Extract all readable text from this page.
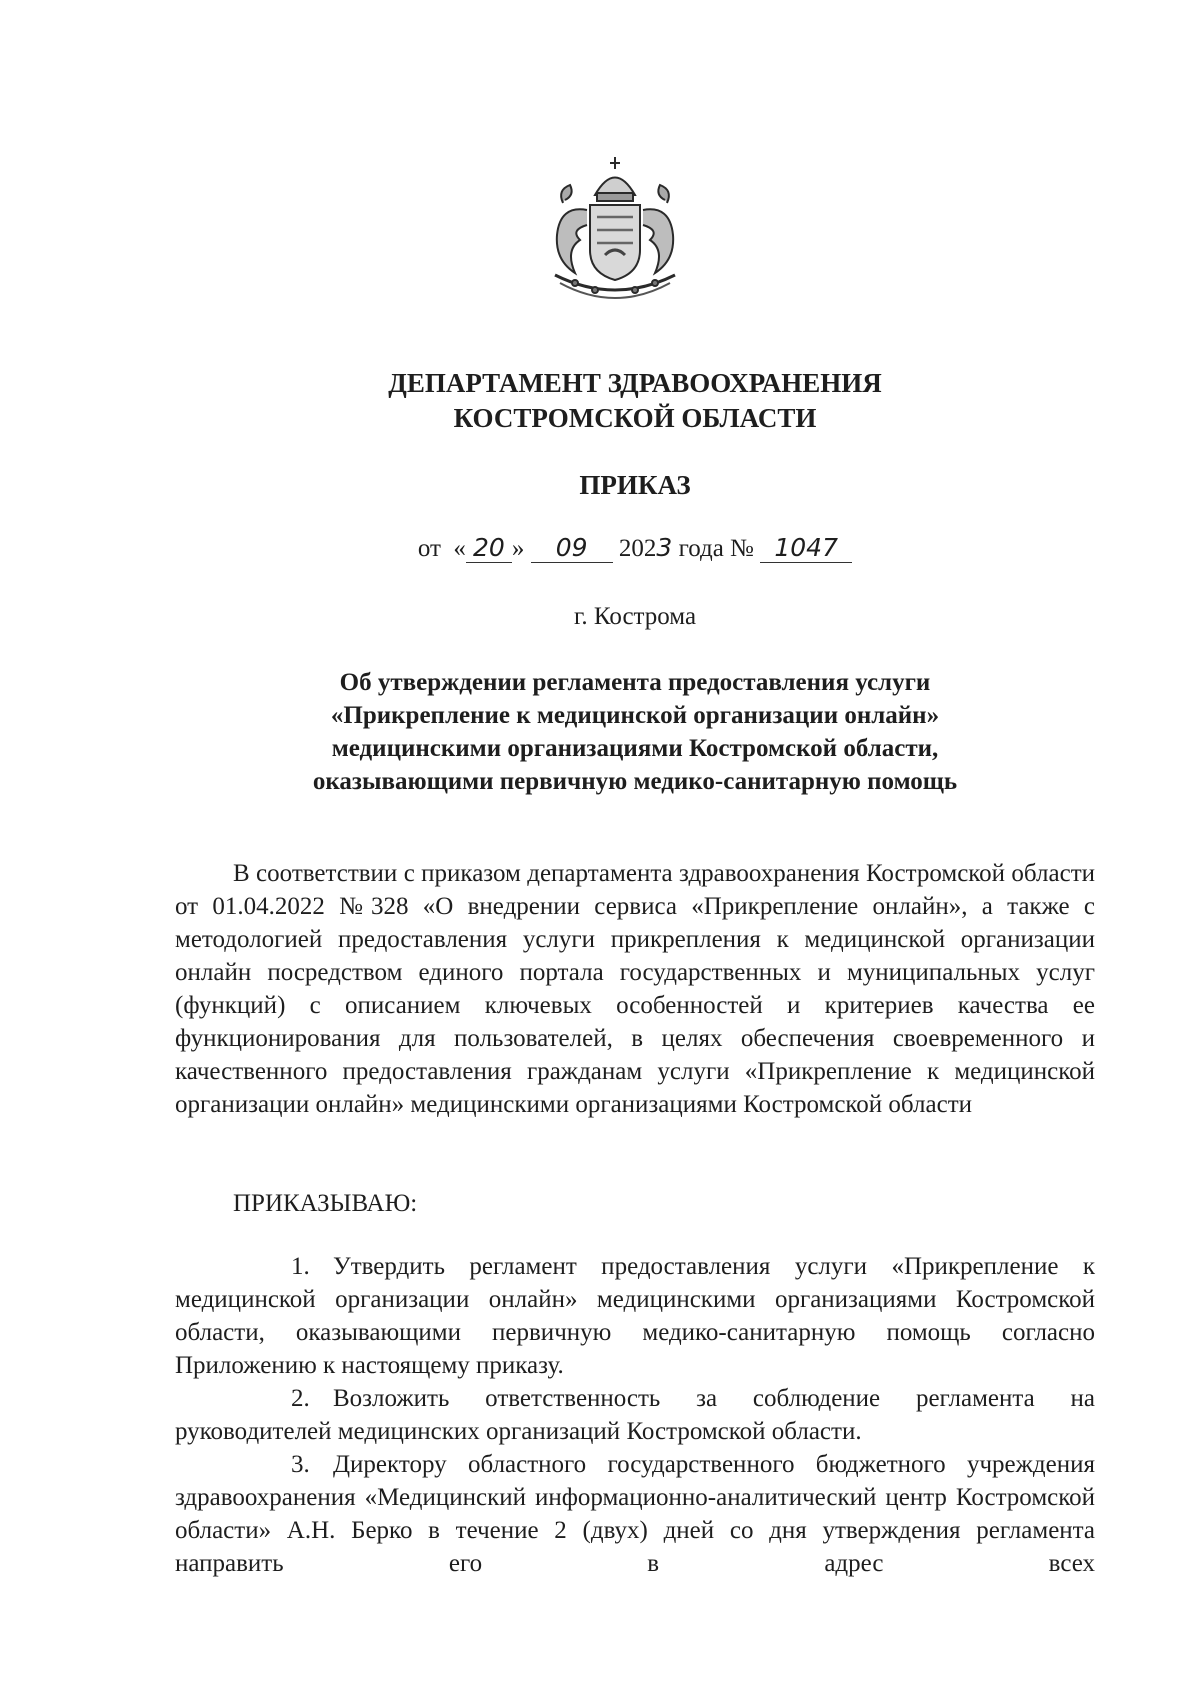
ДЕПАРТАМЕНТ ЗДРАВООХРАНЕНИЯ
КОСТРОМСКОЙ ОБЛАСТИ
ПРИКАЗ
от « 20 » 09 2023 года № 1047
г. Кострома
Об утверждении регламента предоставления услуги
«Прикрепление к медицинской организации онлайн»
медицинскими организациями Костромской области,
оказывающими первичную медико-санитарную помощь
В соответствии с приказом департамента здравоохранения Костромской области от 01.04.2022 №328 «О внедрении сервиса «Прикрепление онлайн», а также с методологией предоставления услуги прикрепления к медицинской организации онлайн посредством единого портала государственных и муниципальных услуг (функций) с описанием ключевых особенностей и критериев качества ее функционирования для пользователей, в целях обеспечения своевременного и качественного предоставления гражданам услуги «Прикрепление к медицинской организации онлайн» медицинскими организациями Костромской области
ПРИКАЗЫВАЮ:

1. Утвердить регламент предоставления услуги «Прикрепление к медицинской организации онлайн» медицинскими организациями Костромской области, оказывающими первичную медико-санитарную помощь согласно Приложению к настоящему приказу.

2. Возложить ответственность за соблюдение регламента на руководителей медицинских организаций Костромской области.

3. Директору областного государственного бюджетного учреждения здравоохранения «Медицинский информационно-аналитический центр Костромской области» А.Н. Берко в течение 2 (двух) дней со дня утверждения регламента направить его в адрес всех
